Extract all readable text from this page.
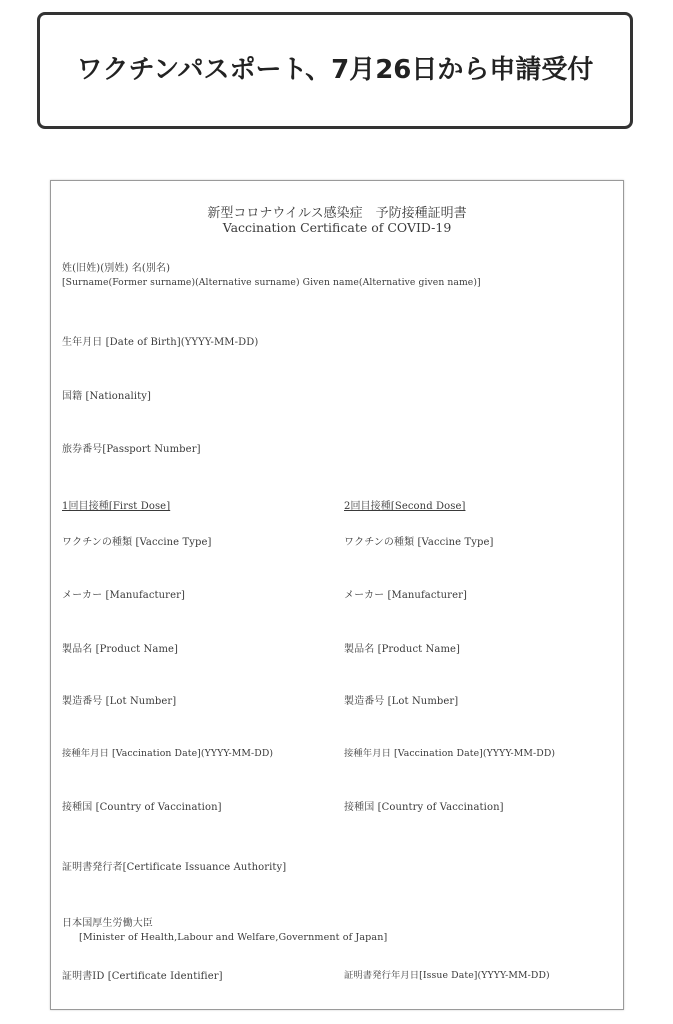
ワクチンパスポート、7月26日から申請受付
新型コロナウイルス感染症　予防接種証明書
Vaccination Certificate of COVID-19
姓(旧姓)(別姓) 名(別名)
[Surname(Former surname)(Alternative surname) Given name(Alternative given name)]
生年月日 [Date of Birth](YYYY-MM-DD)
国籍 [Nationality]
旅券番号[Passport Number]
1回目接種[First Dose]	2回目接種[Second Dose]
ワクチンの種類 [Vaccine Type]	ワクチンの種類 [Vaccine Type]
メーカー [Manufacturer]	メーカー [Manufacturer]
製品名 [Product Name]	製品名 [Product Name]
製造番号 [Lot Number]	製造番号 [Lot Number]
接種年月日 [Vaccination Date](YYYY-MM-DD)	接種年月日 [Vaccination Date](YYYY-MM-DD)
接種国 [Country of Vaccination]	接種国 [Country of Vaccination]
証明書発行者[Certificate Issuance Authority]
日本国厚生労働大臣
[Minister of Health,Labour and Welfare,Government of Japan]
証明書ID [Certificate Identifier]	証明書発行年月日[Issue Date](YYYY-MM-DD)
